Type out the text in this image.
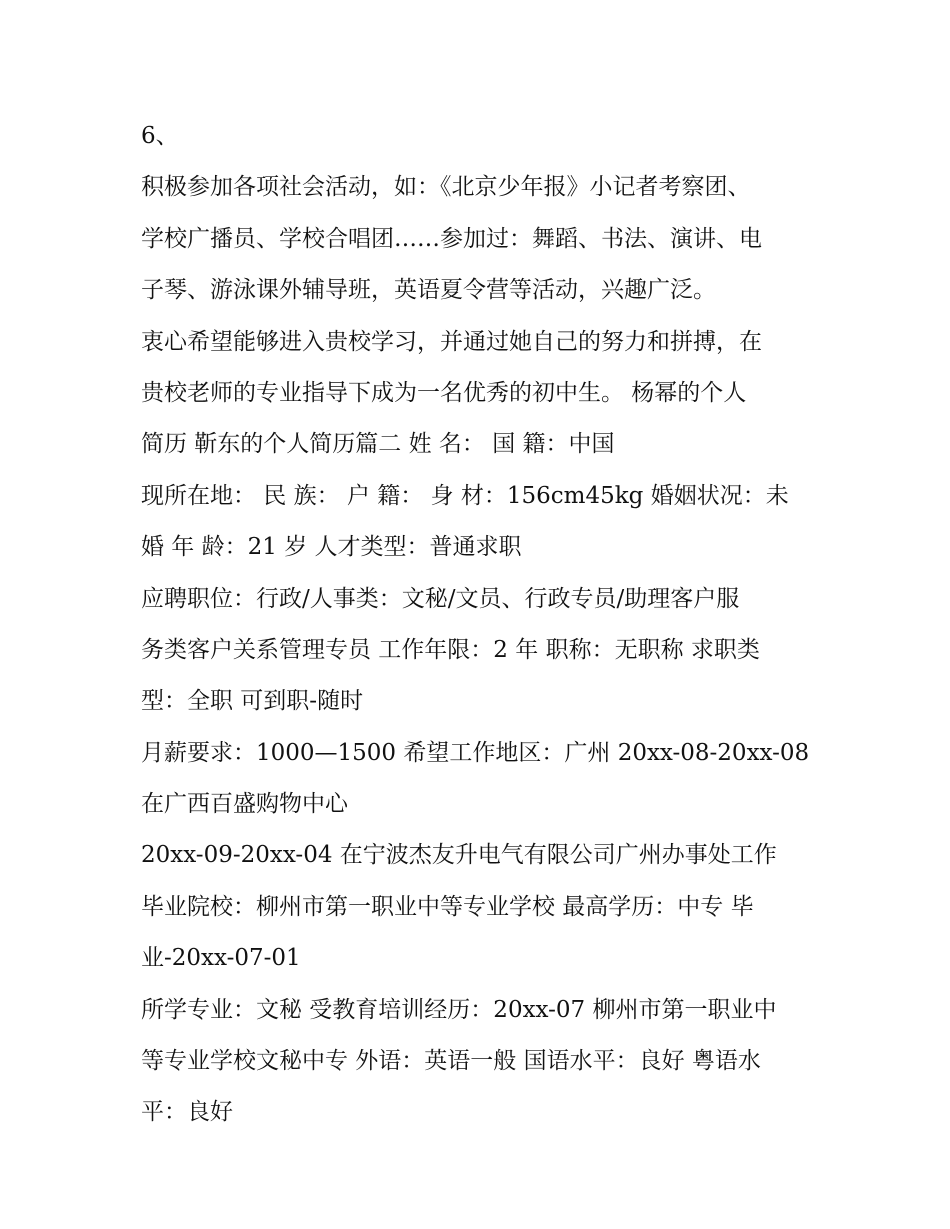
6、
积极参加各项社会活动，如：《北京少年报》小记者考察团、
学校广播员、学校合唱团……参加过：舞蹈、书法、演讲、电
子琴、游泳课外辅导班，英语夏令营等活动，兴趣广泛。
衷心希望能够进入贵校学习，并通过她自己的努力和拼搏，在
贵校老师的专业指导下成为一名优秀的初中生。 杨幂的个人
简历 靳东的个人简历篇二 姓 名： 国 籍：中国
现所在地： 民 族： 户 籍： 身 材：156cm45kg 婚姻状况：未
婚 年 龄：21 岁 人才类型：普通求职
应聘职位：行政/人事类：文秘/文员、行政专员/助理客户服
务类客户关系管理专员 工作年限：2 年 职称：无职称 求职类
型：全职 可到职-随时
月薪要求：1000—1500 希望工作地区：广州 20xx-08-20xx-08
在广西百盛购物中心
20xx-09-20xx-04 在宁波杰友升电气有限公司广州办事处工作
毕业院校：柳州市第一职业中等专业学校 最高学历：中专 毕
业-20xx-07-01
所学专业：文秘 受教育培训经历：20xx-07 柳州市第一职业中
等专业学校文秘中专 外语：英语一般 国语水平：良好 粤语水
平：良好
